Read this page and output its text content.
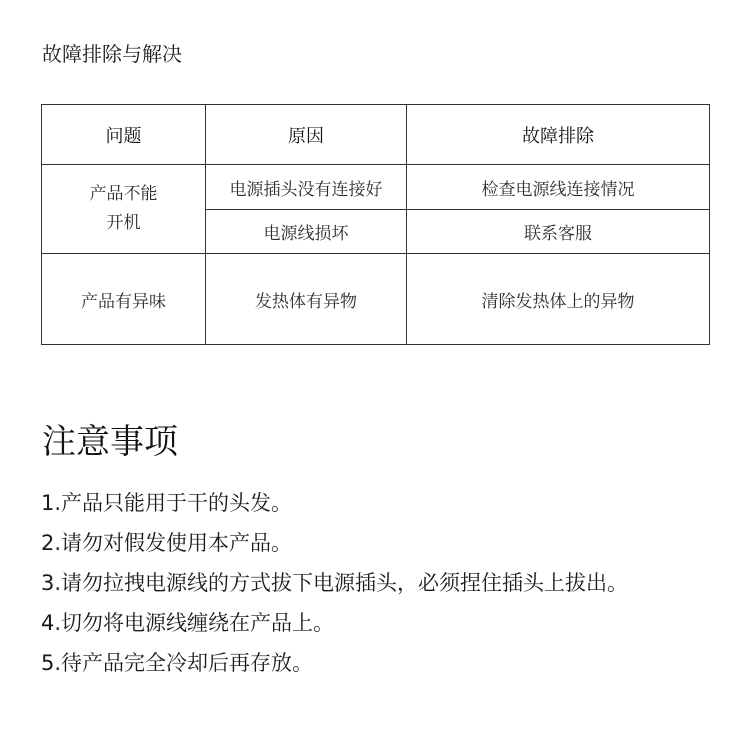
故障排除与解决
问题	原因	故障排除

产品不能
开机	电源插头没有连接好	检查电源线连接情况
	电源线损坏	联系客服
产品有异味	发热体有异物	清除发热体上的异物
注意事项
1.产品只能用于干的头发。
2.请勿对假发使用本产品。
3.请勿拉拽电源线的方式拔下电源插头，必须捏住插头上拔出。
4.切勿将电源线缠绕在产品上。
5.待产品完全冷却后再存放。
